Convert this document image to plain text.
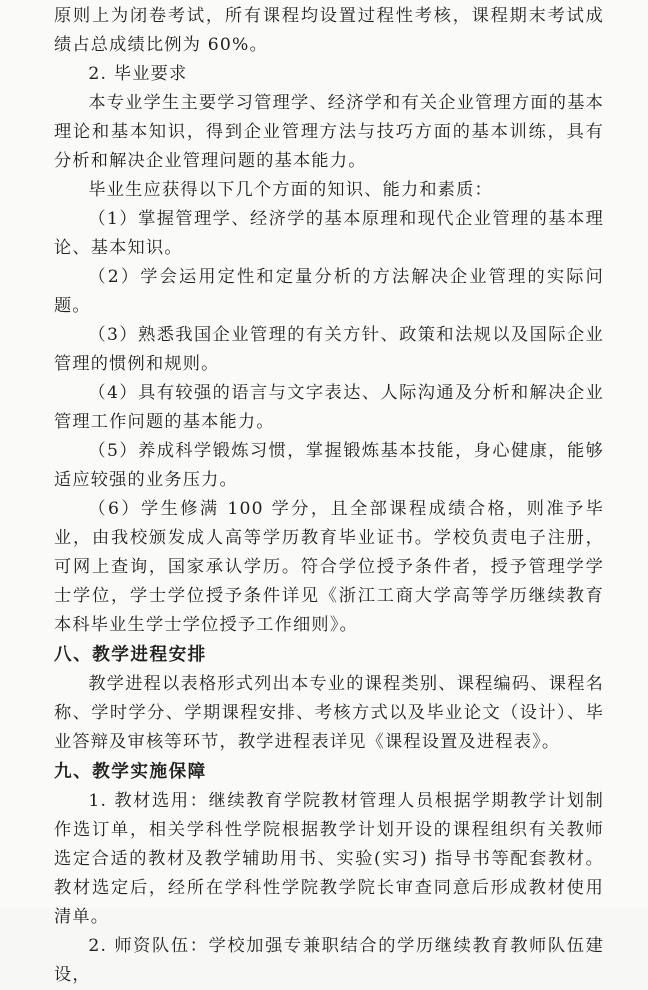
原则上为闭卷考试，所有课程均设置过程性考核，课程期末考试成绩占总成绩比例为 60%。

2. 毕业要求

本专业学生主要学习管理学、经济学和有关企业管理方面的基本理论和基本知识，得到企业管理方法与技巧方面的基本训练，具有分析和解决企业管理问题的基本能力。

毕业生应获得以下几个方面的知识、能力和素质：

（1）掌握管理学、经济学的基本原理和现代企业管理的基本理论、基本知识。

（2）学会运用定性和定量分析的方法解决企业管理的实际问题。

（3）熟悉我国企业管理的有关方针、政策和法规以及国际企业管理的惯例和规则。

（4）具有较强的语言与文字表达、人际沟通及分析和解决企业管理工作问题的基本能力。

（5）养成科学锻炼习惯，掌握锻炼基本技能，身心健康，能够适应较强的业务压力。

（6）学生修满 100 学分，且全部课程成绩合格，则准予毕业，由我校颁发成人高等学历教育毕业证书。学校负责电子注册，可网上查询，国家承认学历。符合学位授予条件者，授予管理学学士学位，学士学位授予条件详见《浙江工商大学高等学历继续教育本科毕业生学士学位授予工作细则》。

八、教学进程安排

教学进程以表格形式列出本专业的课程类别、课程编码、课程名称、学时学分、学期课程安排、考核方式以及毕业论文（设计）、毕业答辩及审核等环节，教学进程表详见《课程设置及进程表》。

九、教学实施保障

1. 教材选用：继续教育学院教材管理人员根据学期教学计划制作选订单，相关学科性学院根据教学计划开设的课程组织有关教师选定合适的教材及教学辅助用书、实验(实习) 指导书等配套教材。教材选定后，经所在学科性学院教学院长审查同意后形成教材使用清单。

2. 师资队伍：学校加强专兼职结合的学历继续教育教师队伍建设，
